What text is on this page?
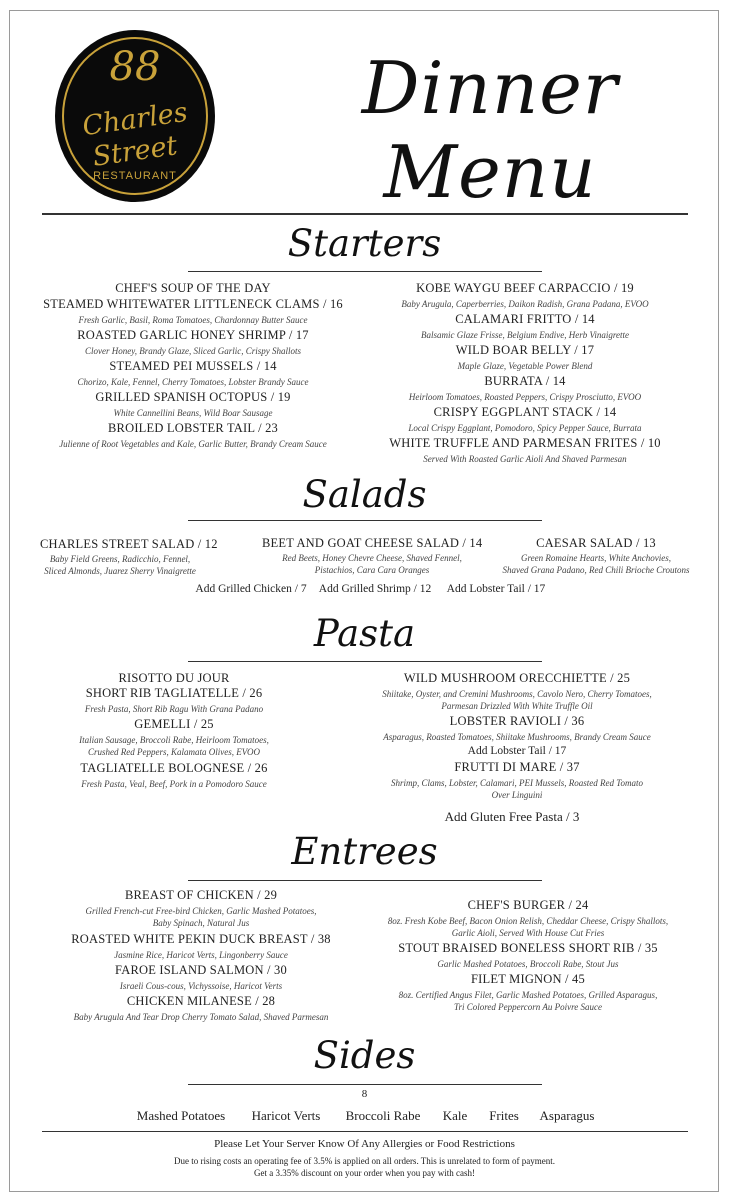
88
Charles
Street
RESTAURANT
Dinner Menu
Starters
CHEF'S SOUP OF THE DAY
STEAMED WHITEWATER LITTLENECK CLAMS / 16
Fresh Garlic, Basil, Roma Tomatoes, Chardonnay Butter Sauce
ROASTED GARLIC HONEY SHRIMP / 17
Clover Honey, Brandy Glaze, Sliced Garlic, Crispy Shallots
STEAMED PEI MUSSELS / 14
Chorizo, Kale, Fennel, Cherry Tomatoes, Lobster Brandy Sauce
GRILLED SPANISH OCTOPUS / 19
White Cannellini Beans, Wild Boar Sausage
BROILED LOBSTER TAIL / 23
Julienne of Root Vegetables and Kale, Garlic Butter, Brandy Cream Sauce
KOBE WAYGU BEEF CARPACCIO / 19
Baby Arugula, Caperberries, Daikon Radish, Grana Padana, EVOO
CALAMARI FRITTO / 14
Balsamic Glaze Frisse, Belgium Endive, Herb Vinaigrette
WILD BOAR BELLY / 17
Maple Glaze, Vegetable Power Blend
BURRATA / 14
Heirloom Tomatoes, Roasted Peppers, Crispy Prosciutto, EVOO
CRISPY EGGPLANT STACK / 14
Local Crispy Eggplant, Pomodoro, Spicy Pepper Sauce, Burrata
WHITE TRUFFLE AND PARMESAN FRITES / 10
Served With Roasted Garlic Aioli And Shaved Parmesan
Salads
CHARLES STREET SALAD / 12
Baby Field Greens, Radicchio, Fennel,
Sliced Almonds, Juarez Sherry Vinaigrette
BEET AND GOAT CHEESE SALAD / 14
Red Beets, Honey Chevre Cheese, Shaved Fennel,
Pistachios, Cara Cara Oranges
CAESAR SALAD / 13
Green Romaine Hearts, White Anchovies,
Shaved Grana Padano, Red Chili Brioche Croutons
Add Grilled Chicken / 7	Add Grilled Shrimp / 12	Add Lobster Tail / 17
Pasta
RISOTTO DU JOUR
SHORT RIB TAGLIATELLE / 26
Fresh Pasta, Short Rib Ragu With Grana Padano
GEMELLI / 25
Italian Sausage, Broccoli Rabe, Heirloom Tomatoes,
Crushed Red Peppers, Kalamata Olives, EVOO
TAGLIATELLE BOLOGNESE / 26
Fresh Pasta, Veal, Beef, Pork in a Pomodoro Sauce
WILD MUSHROOM ORECCHIETTE / 25
Shiitake, Oyster, and Cremini Mushrooms, Cavolo Nero, Cherry Tomatoes,
Parmesan Drizzled With White Truffle Oil
LOBSTER RAVIOLI / 36
Asparagus, Roasted Tomatoes, Shiitake Mushrooms, Brandy Cream Sauce
Add Lobster Tail / 17
FRUTTI DI MARE / 37
Shrimp, Clams, Lobster, Calamari, PEI Mussels, Roasted Red Tomato
Over Linguini
Add Gluten Free Pasta / 3
Entrees
BREAST OF CHICKEN / 29
Grilled French-cut Free-bird Chicken, Garlic Mashed Potatoes,
Baby Spinach, Natural Jus
ROASTED WHITE PEKIN DUCK BREAST / 38
Jasmine Rice, Haricot Verts, Lingonberry Sauce
FAROE ISLAND SALMON / 30
Israeli Cous-cous, Vichyssoise, Haricot Verts
CHICKEN MILANESE / 28
Baby Arugula And Tear Drop Cherry Tomato Salad, Shaved Parmesan
CHEF'S BURGER / 24
8oz. Fresh Kobe Beef, Bacon Onion Relish, Cheddar Cheese, Crispy Shallots,
Garlic Aioli, Served With House Cut Fries
STOUT BRAISED BONELESS SHORT RIB / 35
Garlic Mashed Potatoes, Broccoli Rabe, Stout Jus
FILET MIGNON / 45
8oz. Certified Angus Filet, Garlic Mashed Potatoes, Grilled Asparagus,
Tri Colored Peppercorn Au Poivre Sauce
Sides
8
Mashed Potatoes	Haricot Verts	Broccoli Rabe	Kale	Frites	Asparagus
Please Let Your Server Know Of Any Allergies or Food Restrictions
Due to rising costs an operating fee of 3.5% is applied on all orders. This is unrelated to form of payment.
Get a 3.35% discount on your order when you pay with cash!
